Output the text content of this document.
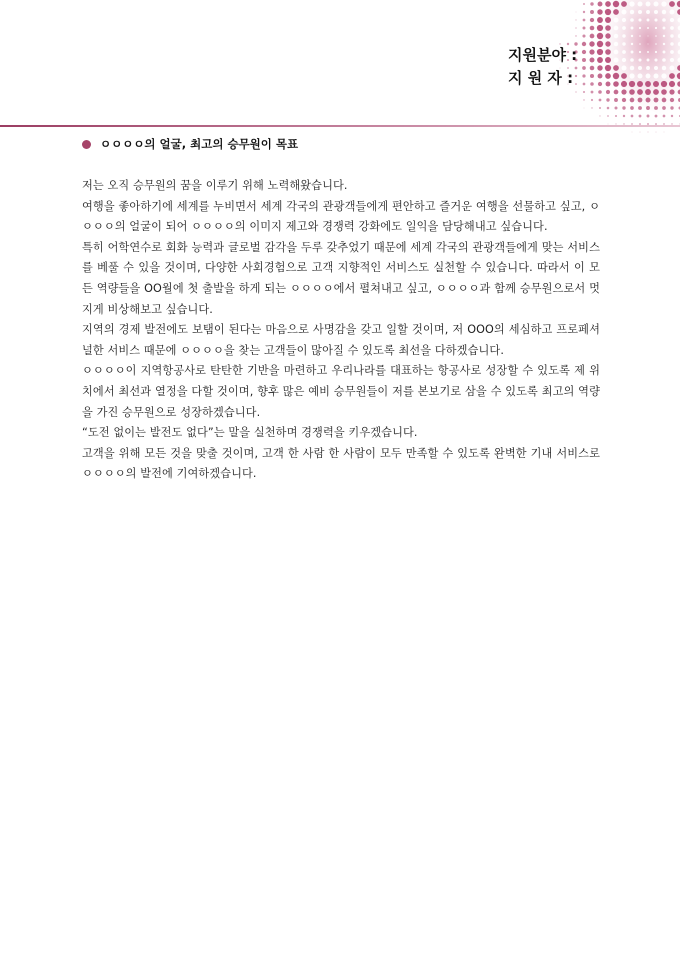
지원분야 :
지 원 자 :
ㅇㅇㅇㅇ의 얼굴, 최고의 승무원이 목표

저는 오직 승무원의 꿈을 이루기 위해 노력해왔습니다.

여행을 좋아하기에 세계를 누비면서 세계 각국의 관광객들에게 편안하고 즐거운 여행을 선물하고 싶고, ㅇㅇㅇㅇ의 얼굴이 되어 ㅇㅇㅇㅇ의 이미지 제고와 경쟁력 강화에도 일익을 담당해내고 싶습니다.

특히 어학연수로 회화 능력과 글로벌 감각을 두루 갖추었기 때문에 세계 각국의 관광객들에게 맞는 서비스를 베풀 수 있을 것이며, 다양한 사회경험으로 고객 지향적인 서비스도 실천할 수 있습니다. 따라서 이 모든 역량들을 OO월에 첫 출발을 하게 되는 ㅇㅇㅇㅇ에서 펼쳐내고 싶고, ㅇㅇㅇㅇ과 함께 승무원으로서 멋지게 비상해보고 싶습니다.

지역의 경제 발전에도 보탬이 된다는 마음으로 사명감을 갖고 일할 것이며, 저 OOO의 세심하고 프로페셔널한 서비스 때문에 ㅇㅇㅇㅇ을 찾는 고객들이 많아질 수 있도록 최선을 다하겠습니다.

ㅇㅇㅇㅇ이 지역항공사로 탄탄한 기반을 마련하고 우리나라를 대표하는 항공사로 성장할 수 있도록 제 위치에서 최선과 열정을 다할 것이며, 향후 많은 예비 승무원들이 저를 본보기로 삼을 수 있도록 최고의 역량을 가진 승무원으로 성장하겠습니다.

“도전 없이는 발전도 없다”는 말을 실천하며 경쟁력을 키우겠습니다.

고객을 위해 모든 것을 맞출 것이며, 고객 한 사람 한 사람이 모두 만족할 수 있도록 완벽한 기내 서비스로 ㅇㅇㅇㅇ의 발전에 기여하겠습니다.
